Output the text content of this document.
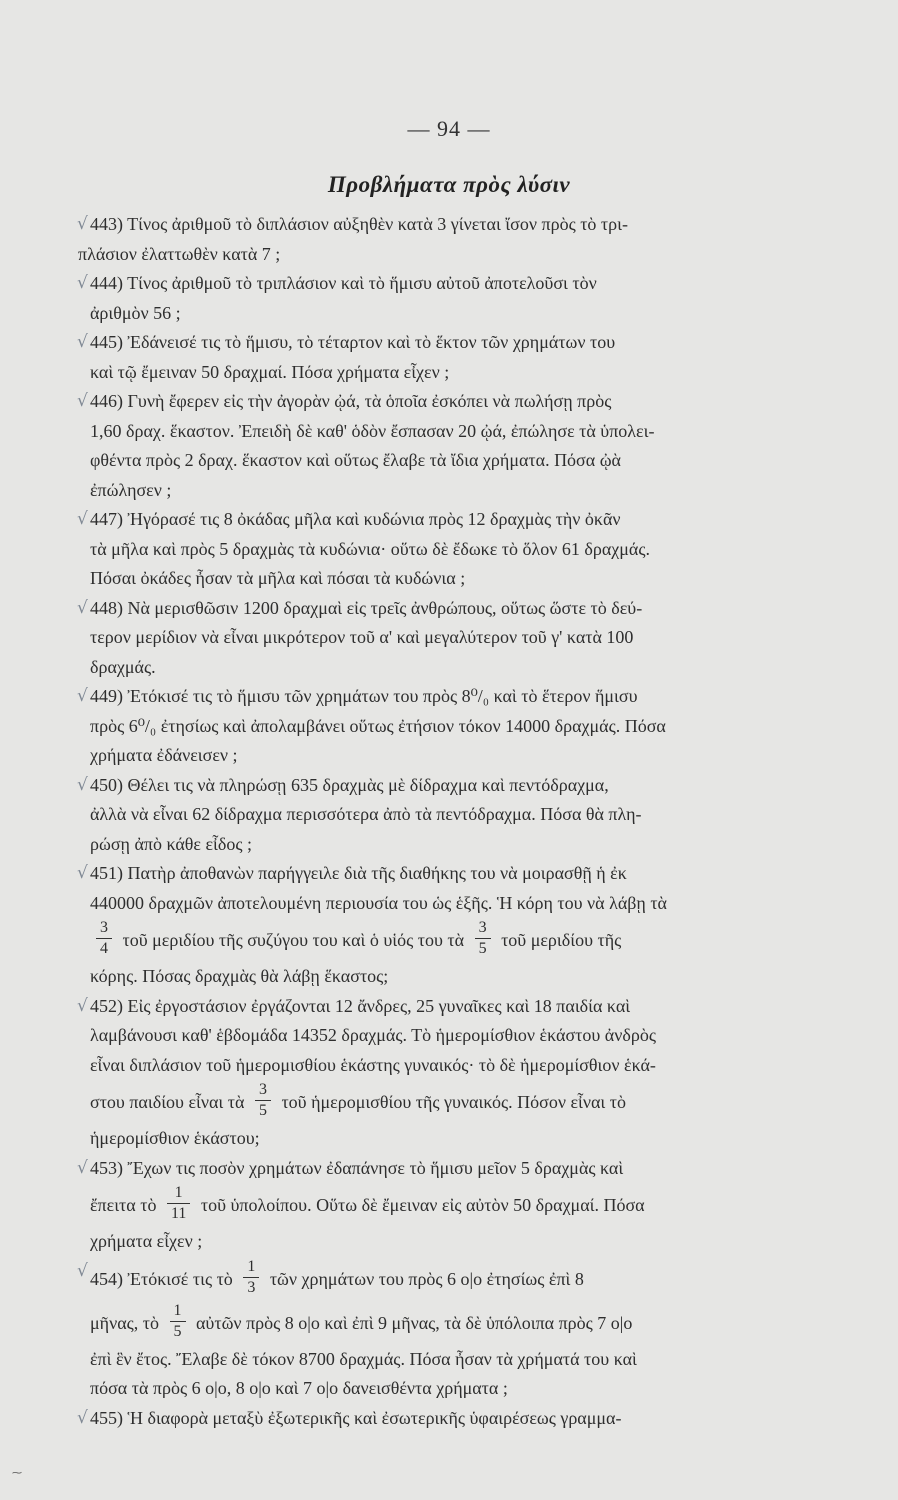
— 94 —
Προβλήματα πρὸς λύσιν
√ 443) Τίνος ἀριθμοῦ τὸ διπλάσιον αὐξηθὲν κατὰ 3 γίνεται ἴσον πρὸς τὸ τρι-
πλάσιον ἐλαττωθὲν κατὰ 7 ;
√ 444) Τίνος ἀριθμοῦ τὸ τριπλάσιον καὶ τὸ ἥμισυ αὐτοῦ ἀποτελοῦσι τὸν
ἀριθμὸν 56 ;
√ 445) Ἐδάνεισέ τις τὸ ἥμισυ, τὸ τέταρτον καὶ τὸ ἕκτον τῶν χρημάτων του
καὶ τῷ ἔμειναν 50 δραχμαί. Πόσα χρήματα εἶχεν ;
√ 446) Γυνὴ ἔφερεν εἰς τὴν ἀγορὰν ᾠά, τὰ ὁποῖα ἐσκόπει νὰ πωλήσῃ πρὸς
1,60 δραχ. ἕκαστον. Ἐπειδὴ δὲ καθ' ὁδὸν ἔσπασαν 20 ᾠά, ἐπώλησε τὰ ὑπολει-
φθέντα πρὸς 2 δραχ. ἕκαστον καὶ οὕτως ἔλαβε τὰ ἴδια χρήματα. Πόσα ᾠὰ
ἐπώλησεν ;
√ 447) Ἠγόρασέ τις 8 ὀκάδας μῆλα καὶ κυδώνια πρὸς 12 δραχμὰς τὴν ὀκᾶν
τὰ μῆλα καὶ πρὸς 5 δραχμὰς τὰ κυδώνια· οὕτω δὲ ἔδωκε τὸ ὅλον 61 δραχμάς.
Πόσαι ὀκάδες ἦσαν τὰ μῆλα καὶ πόσαι τὰ κυδώνια ;
√ 448) Νὰ μερισθῶσιν 1200 δραχμαὶ εἰς τρεῖς ἀνθρώπους, οὕτως ὥστε τὸ δεύ-
τερον μερίδιον νὰ εἶναι μικρότερον τοῦ α' καὶ μεγαλύτερον τοῦ γ' κατὰ 100
δραχμάς.
√ 449) Ἐτόκισέ τις τὸ ἥμισυ τῶν χρημάτων του πρὸς 8⁰/₀ καὶ τὸ ἕτερον ἥμισυ
πρὸς 6⁰/₀ ἐτησίως καὶ ἀπολαμβάνει οὕτως ἐτήσιον τόκον 14000 δραχμάς. Πόσα
χρήματα ἐδάνεισεν ;
√ 450) Θέλει τις νὰ πληρώσῃ 635 δραχμὰς μὲ δίδραχμα καὶ πεντόδραχμα,
ἀλλὰ νὰ εἶναι 62 δίδραχμα περισσότερα ἀπὸ τὰ πεντόδραχμα. Πόσα θὰ πλη-
ρώσῃ ἀπὸ κάθε εἶδος ;
√ 451) Πατὴρ ἀποθανὼν παρήγγειλε διὰ τῆς διαθήκης του νὰ μοιρασθῇ ἡ ἐκ
440000 δραχμῶν ἀποτελουμένη περιουσία του ὡς ἑξῆς. Ἡ κόρη του νὰ λάβῃ τὰ
$\frac{3}{4}$ τοῦ μεριδίου τῆς συζύγου του καὶ ὁ υἱός του τὰ $\frac{3}{5}$ τοῦ μεριδίου τῆς
κόρης. Πόσας δραχμὰς θὰ λάβῃ ἕκαστος;
√ 452) Εἰς ἐργοστάσιον ἐργάζονται 12 ἄνδρες, 25 γυναῖκες καὶ 18 παιδία καὶ
λαμβάνουσι καθ' ἑβδομάδα 14352 δραχμάς. Τὸ ἡμερομίσθιον ἑκάστου ἀνδρὸς
εἶναι διπλάσιον τοῦ ἡμερομισθίου ἑκάστης γυναικός· τὸ δὲ ἡμερομίσθιον ἑκά-
στου παιδίου εἶναι τὰ $\frac{3}{5}$ τοῦ ἡμερομισθίου τῆς γυναικός. Πόσον εἶναι τὸ
ἡμερομίσθιον ἑκάστου;
√ 453) Ἔχων τις ποσὸν χρημάτων ἐδαπάνησε τὸ ἥμισυ μεῖον 5 δραχμὰς καὶ
ἔπειτα τὸ $\frac{1}{11}$ τοῦ ὑπολοίπου. Οὕτω δὲ ἔμειναν εἰς αὐτὸν 50 δραχμαί. Πόσα
χρήματα εἶχεν ;
√ 454) Ἐτόκισέ τις τὸ $\frac{1}{3}$ τῶν χρημάτων του πρὸς 6 ο|ο ἐτησίως ἐπὶ 8
μῆνας, τὸ $\frac{1}{5}$ αὐτῶν πρὸς 8 ο|ο καὶ ἐπὶ 9 μῆνας, τὰ δὲ ὑπόλοιπα πρὸς 7 ο|ο
ἐπὶ ἓν ἔτος. Ἔλαβε δὲ τόκον 8700 δραχμάς. Πόσα ἦσαν τὰ χρήματά του καὶ
πόσα τὰ πρὸς 6 ο|ο, 8 ο|ο καὶ 7 ο|ο δανεισθέντα χρήματα ;
√ 455) Ἡ διαφορὰ μεταξὺ ἐξωτερικῆς καὶ ἐσωτερικῆς ὑφαιρέσεως γραμμα-
⁓
